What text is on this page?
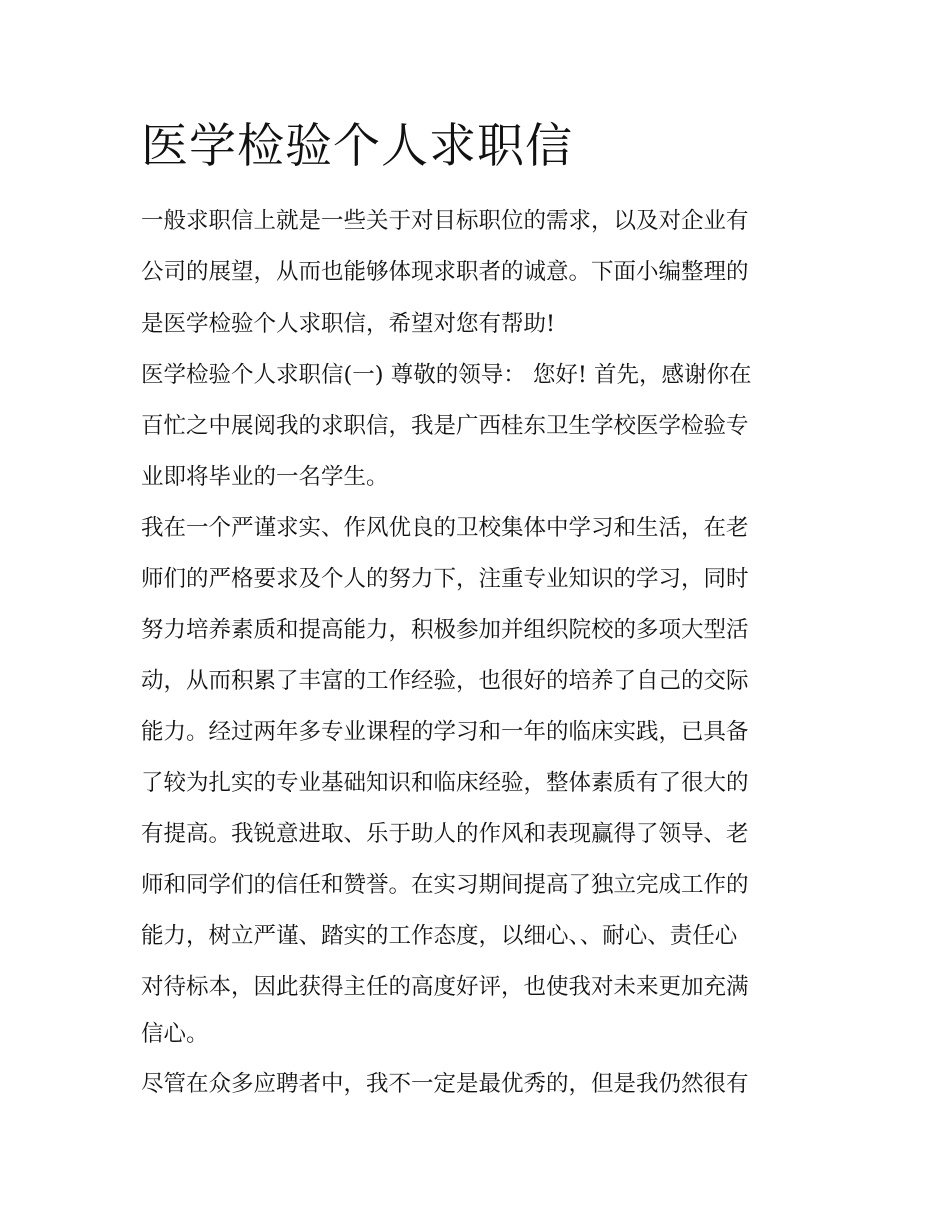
医学检验个人求职信

一般求职信上就是一些关于对目标职位的需求，以及对企业有

公司的展望，从而也能够体现求职者的诚意。下面小编整理的

是医学检验个人求职信，希望对您有帮助!

医学检验个人求职信(一) 尊敬的领导： 您好! 首先，感谢你在

百忙之中展阅我的求职信，我是广西桂东卫生学校医学检验专

业即将毕业的一名学生。

我在一个严谨求实、作风优良的卫校集体中学习和生活，在老

师们的严格要求及个人的努力下，注重专业知识的学习，同时

努力培养素质和提高能力，积极参加并组织院校的多项大型活

动，从而积累了丰富的工作经验，也很好的培养了自己的交际

能力。经过两年多专业课程的学习和一年的临床实践，已具备

了较为扎实的专业基础知识和临床经验，整体素质有了很大的

有提高。我锐意进取、乐于助人的作风和表现赢得了领导、老

师和同学们的信任和赞誉。在实习期间提高了独立完成工作的

能力，树立严谨、踏实的工作态度，以细心、、耐心、责任心

对待标本，因此获得主任的高度好评，也使我对未来更加充满

信心。

尽管在众多应聘者中，我不一定是最优秀的，但是我仍然很有
